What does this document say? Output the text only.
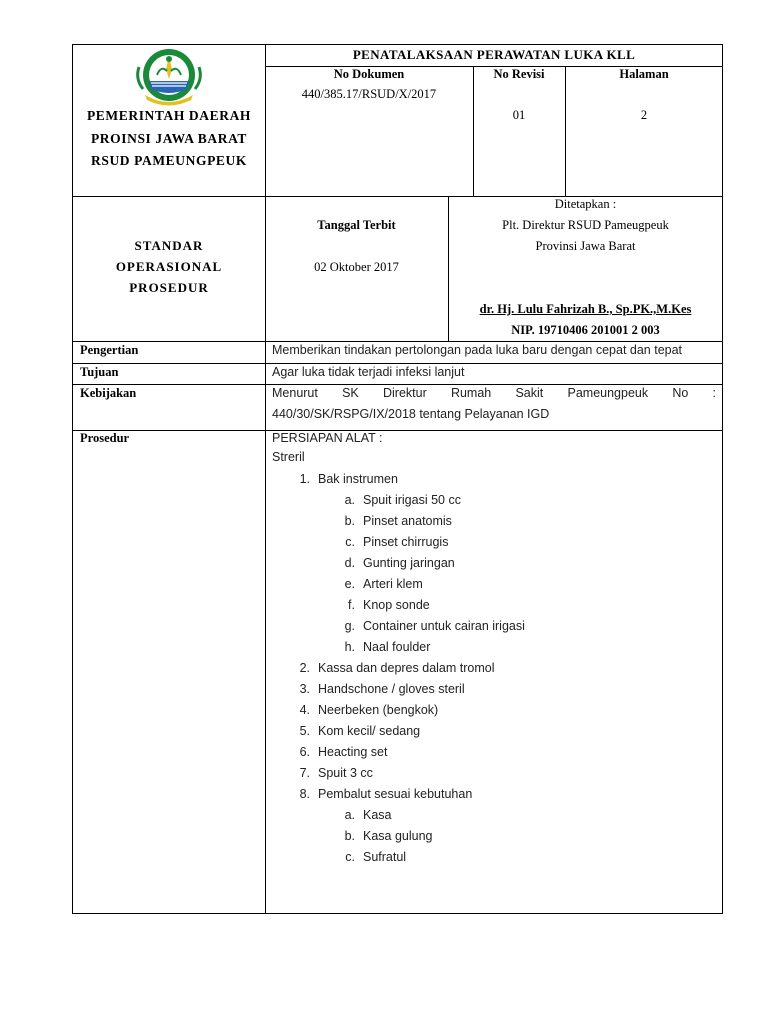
PEMERINTAH DAERAH
PROINSI JAWA BARAT
RSUD PAMEUNGPEUK
PENATALAKSAAN PERAWATAN LUKA KLL
No Dokumen
440/385.17/RSUD/X/2017
No Revisi
01
Halaman
2
STANDAR
OPERASIONAL
PROSEDUR
Tanggal Terbit
02 Oktober 2017
Ditetapkan :
Plt. Direktur RSUD Pameugpeuk
Provinsi Jawa Barat
dr. Hj. Lulu Fahrizah B., Sp.PK.,M.Kes
NIP. 19710406 201001 2 003
Pengertian	Memberikan tindakan pertolongan pada luka baru dengan cepat dan tepat
Tujuan	Agar luka tidak terjadi infeksi lanjut
Kebijakan	Menurut SK Direktur Rumah Sakit Pameungpeuk No :
440/30/SK/RSPG/IX/2018 tentang Pelayanan IGD
Prosedur	PERSIAPAN ALAT :
Streril
1. Bak instrumen
a. Spuit irigasi 50 cc
b. Pinset anatomis
c. Pinset chirrugis
d. Gunting jaringan
e. Arteri klem
f. Knop sonde
g. Container untuk cairan irigasi
h. Naal foulder
2. Kassa dan depres dalam tromol
3. Handschone / gloves steril
4. Neerbeken (bengkok)
5. Kom kecil/ sedang
6. Heacting set
7. Spuit 3 cc
8. Pembalut sesuai kebutuhan
a. Kasa
b. Kasa gulung
c. Sufratul
